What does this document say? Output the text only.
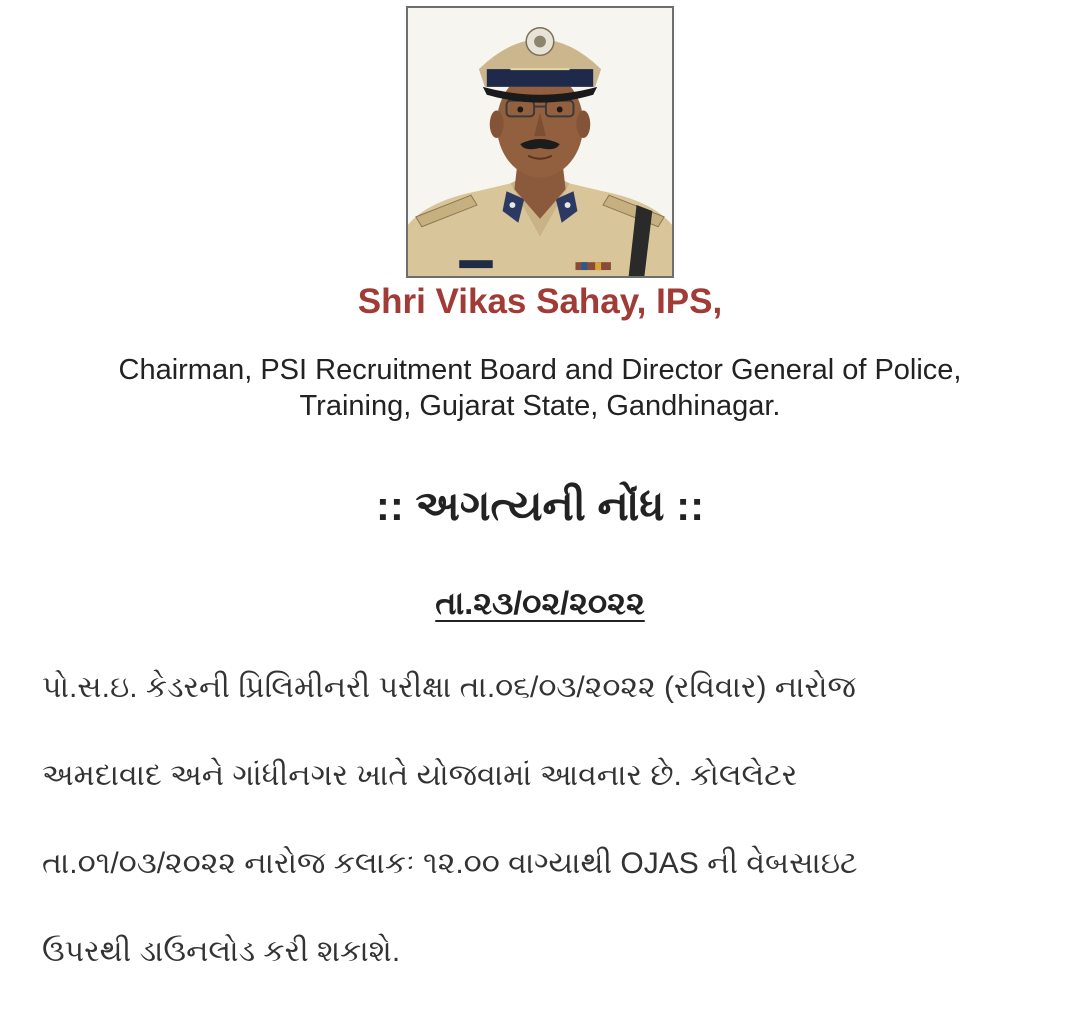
Shri Vikas Sahay, IPS,

Chairman, PSI Recruitment Board and Director General of Police,
Training, Gujarat State, Gandhinagar.

:: અગત્યની નોંધ ::

તા.૨૩/૦૨/૨૦૨૨

પો.સ.ઇ. કેડરની પ્રિલિમીનરી પરીક્ષા તા.૦૬/૦૩/૨૦૨૨ (રવિવાર) નારોજ
અમદાવાદ અને ગાંધીનગર ખાતે યોજવામાં આવનાર છે. કોલલેટર
તા.૦૧/૦૩/૨૦૨૨ નારોજ કલાકઃ ૧૨.૦૦ વાગ્યાથી OJAS ની વેબસાઇટ
ઉપરથી ડાઉનલોડ કરી શકાશે.
